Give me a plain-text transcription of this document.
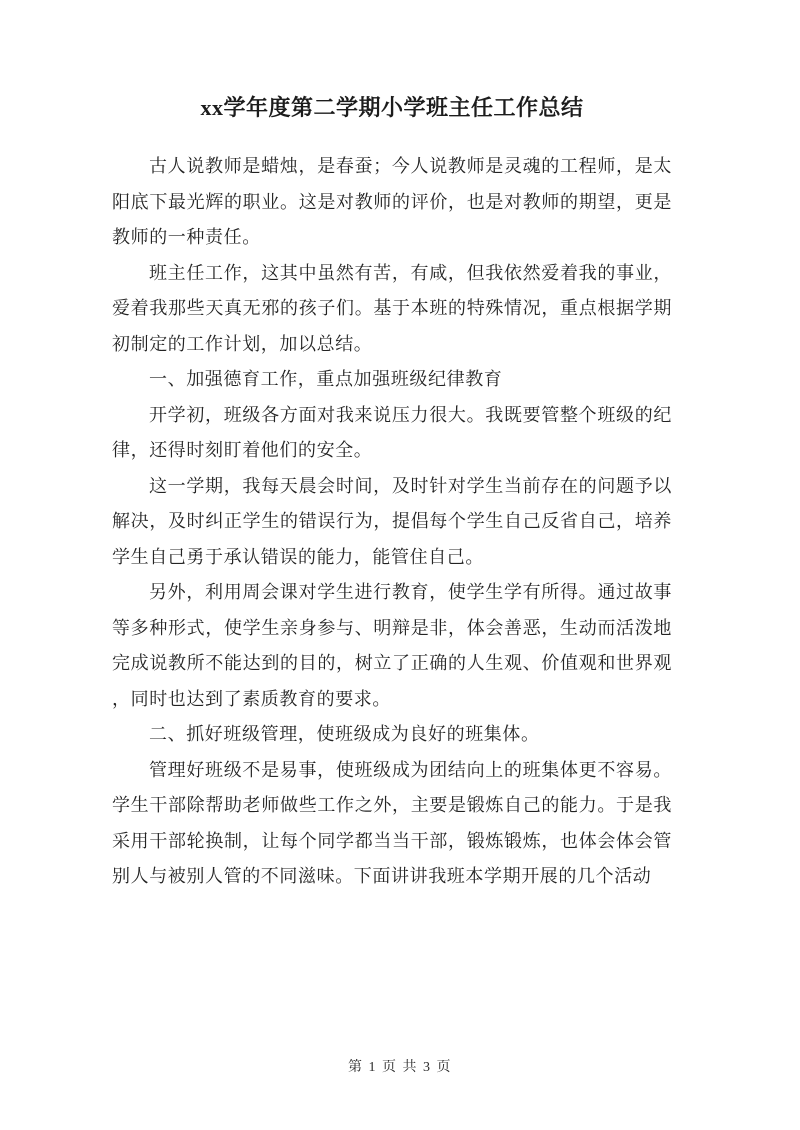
xx学年度第二学期小学班主任工作总结

古人说教师是蜡烛，是春蚕；今人说教师是灵魂的工程师，是太
阳底下最光辉的职业。这是对教师的评价，也是对教师的期望，更是
教师的一种责任。

班主任工作，这其中虽然有苦，有咸，但我依然爱着我的事业，
爱着我那些天真无邪的孩子们。基于本班的特殊情况，重点根据学期
初制定的工作计划，加以总结。

一、加强德育工作，重点加强班级纪律教育

开学初，班级各方面对我来说压力很大。我既要管整个班级的纪
律，还得时刻盯着他们的安全。

这一学期，我每天晨会时间，及时针对学生当前存在的问题予以
解决，及时纠正学生的错误行为，提倡每个学生自己反省自己，培养
学生自己勇于承认错误的能力，能管住自己。

另外，利用周会课对学生进行教育，使学生学有所得。通过故事
等多种形式，使学生亲身参与、明辩是非，体会善恶，生动而活泼地
完成说教所不能达到的目的，树立了正确的人生观、价值观和世界观
，同时也达到了素质教育的要求。

二、抓好班级管理，使班级成为良好的班集体。

管理好班级不是易事，使班级成为团结向上的班集体更不容易。
学生干部除帮助老师做些工作之外，主要是锻炼自己的能力。于是我
采用干部轮换制，让每个同学都当当干部，锻炼锻炼，也体会体会管
别人与被别人管的不同滋味。下面讲讲我班本学期开展的几个活动

第 1 页 共 3 页
